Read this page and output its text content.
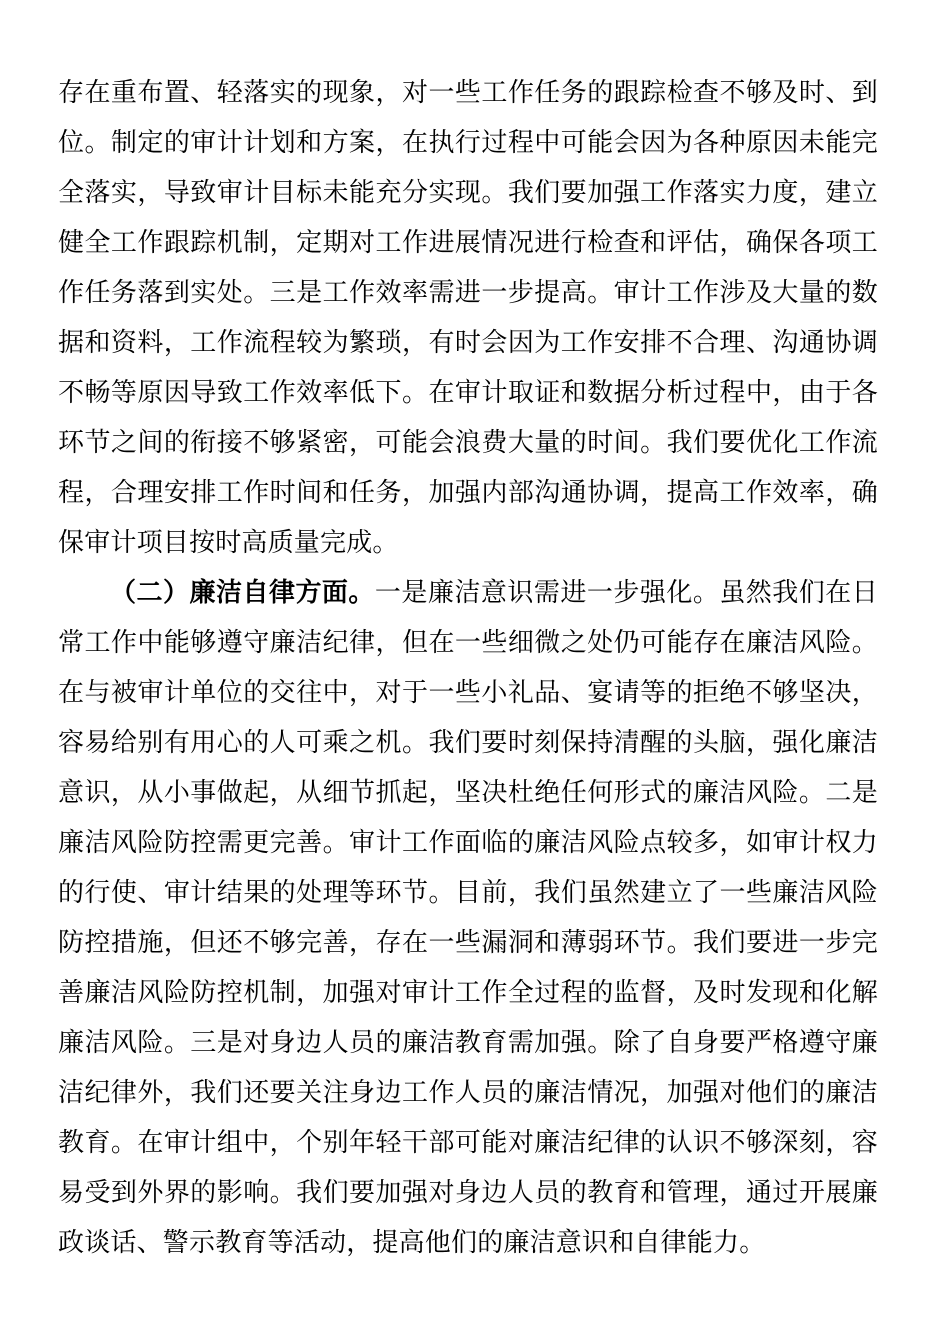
存在重布置、轻落实的现象，对一些工作任务的跟踪检查不够及时、到位。制定的审计计划和方案，在执行过程中可能会因为各种原因未能完全落实，导致审计目标未能充分实现。我们要加强工作落实力度，建立健全工作跟踪机制，定期对工作进展情况进行检查和评估，确保各项工作任务落到实处。三是工作效率需进一步提高。审计工作涉及大量的数据和资料，工作流程较为繁琐，有时会因为工作安排不合理、沟通协调不畅等原因导致工作效率低下。在审计取证和数据分析过程中，由于各环节之间的衔接不够紧密，可能会浪费大量的时间。我们要优化工作流程，合理安排工作时间和任务，加强内部沟通协调，提高工作效率，确保审计项目按时高质量完成。

（二）廉洁自律方面。一是廉洁意识需进一步强化。虽然我们在日常工作中能够遵守廉洁纪律，但在一些细微之处仍可能存在廉洁风险。在与被审计单位的交往中，对于一些小礼品、宴请等的拒绝不够坚决，容易给别有用心的人可乘之机。我们要时刻保持清醒的头脑，强化廉洁意识，从小事做起，从细节抓起，坚决杜绝任何形式的廉洁风险。二是廉洁风险防控需更完善。审计工作面临的廉洁风险点较多，如审计权力的行使、审计结果的处理等环节。目前，我们虽然建立了一些廉洁风险防控措施，但还不够完善，存在一些漏洞和薄弱环节。我们要进一步完善廉洁风险防控机制，加强对审计工作全过程的监督，及时发现和化解廉洁风险。三是对身边人员的廉洁教育需加强。除了自身要严格遵守廉洁纪律外，我们还要关注身边工作人员的廉洁情况，加强对他们的廉洁教育。在审计组中，个别年轻干部可能对廉洁纪律的认识不够深刻，容易受到外界的影响。我们要加强对身边人员的教育和管理，通过开展廉政谈话、警示教育等活动，提高他们的廉洁意识和自律能力。
